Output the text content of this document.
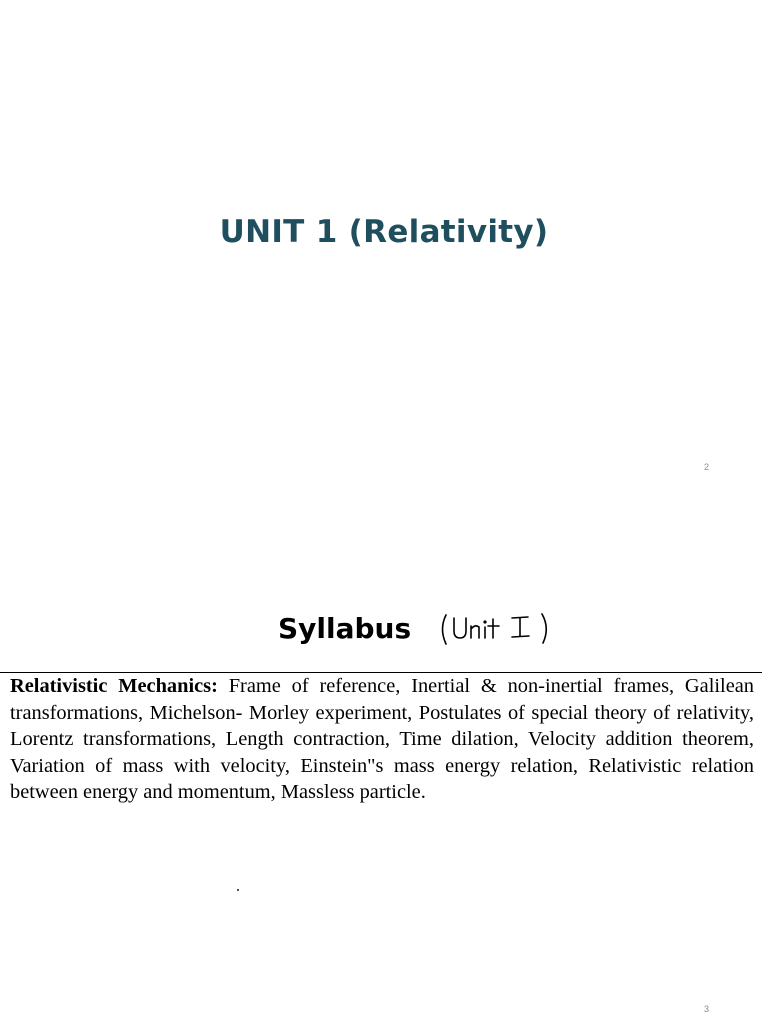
UNIT 1 (Relativity)
2
Syllabus

Relativistic Mechanics: Frame of reference, Inertial & non-inertial frames, Galilean transformations, Michelson- Morley experiment, Postulates of special theory of relativity, Lorentz transformations, Length contraction, Time dilation, Velocity addition theorem, Variation of mass with velocity, Einstein"s mass energy relation, Relativistic relation between energy and momentum, Massless particle.

3
